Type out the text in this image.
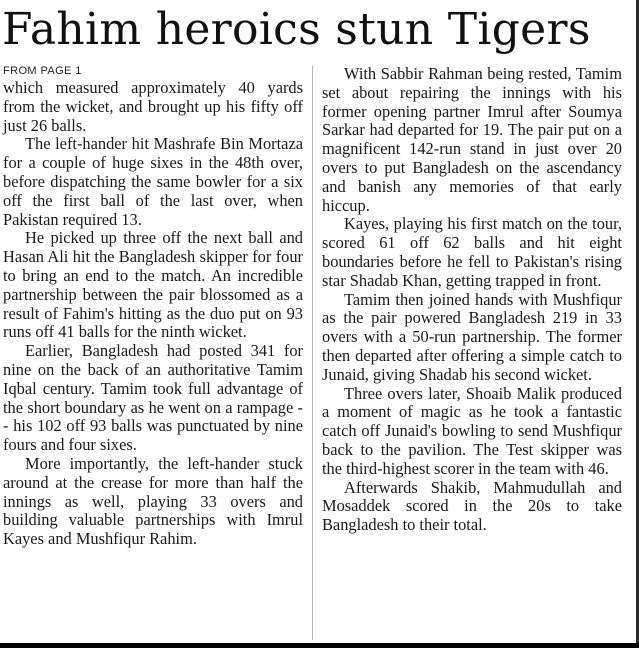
Fahim heroics stun Tigers
FROM PAGE 1

which measured approximately 40 yards from the wicket, and brought up his fifty off just 26 balls.

The left-hander hit Mashrafe Bin Mortaza for a couple of huge sixes in the 48th over, before dispatching the same bowler for a six off the first ball of the last over, when Pakistan required 13.

He picked up three off the next ball and Hasan Ali hit the Bangladesh skipper for four to bring an end to the match. An incredible partnership between the pair blossomed as a result of Fahim's hitting as the duo put on 93 runs off 41 balls for the ninth wicket.

Earlier, Bangladesh had posted 341 for nine on the back of an authoritative Tamim Iqbal century. Tamim took full advantage of the short boundary as he went on a rampage -- his 102 off 93 balls was punctuated by nine fours and four sixes.

More importantly, the left-hander stuck around at the crease for more than half the innings as well, playing 33 overs and building valuable partnerships with Imrul Kayes and Mushfiqur Rahim.

With Sabbir Rahman being rested, Tamim set about repairing the innings with his former opening partner Imrul after Soumya Sarkar had departed for 19. The pair put on a magnificent 142-run stand in just over 20 overs to put Bangladesh on the ascendancy and banish any memories of that early hiccup.

Kayes, playing his first match on the tour, scored 61 off 62 balls and hit eight boundaries before he fell to Pakistan's rising star Shadab Khan, getting trapped in front.

Tamim then joined hands with Mushfiqur as the pair powered Bangladesh 219 in 33 overs with a 50-run partnership. The former then departed after offering a simple catch to Junaid, giving Shadab his second wicket.

Three overs later, Shoaib Malik produced a moment of magic as he took a fantastic catch off Junaid's bowling to send Mushfiqur back to the pavilion. The Test skipper was the third-highest scorer in the team with 46.

Afterwards Shakib, Mahmudullah and Mosaddek scored in the 20s to take Bangladesh to their total.
